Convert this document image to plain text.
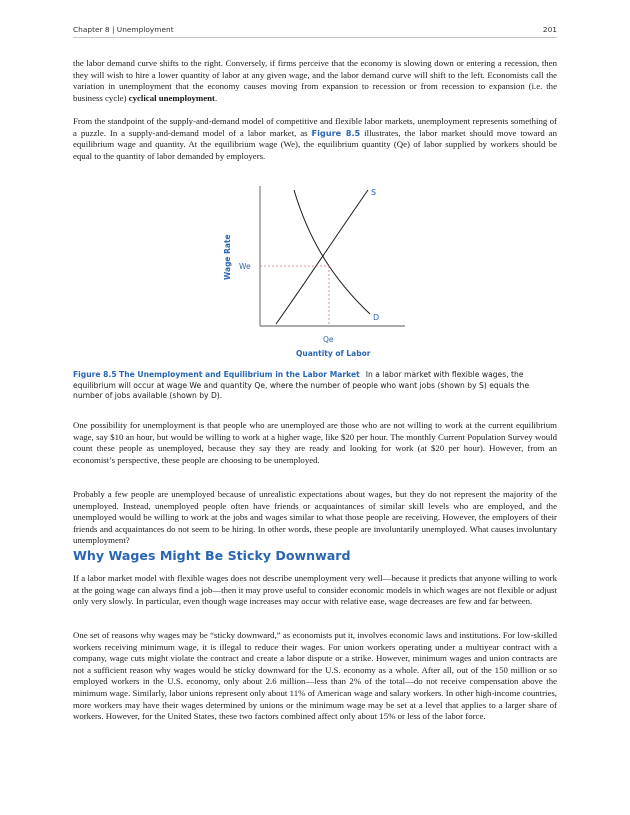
Chapter 8 | Unemployment	201

the labor demand curve shifts to the right. Conversely, if firms perceive that the economy is slowing down or entering a recession, then they will wish to hire a lower quantity of labor at any given wage, and the labor demand curve will shift to the left. Economists call the variation in unemployment that the economy causes moving from expansion to recession or from recession to expansion (i.e. the business cycle) cyclical unemployment.

From the standpoint of the supply-and-demand model of competitive and flexible labor markets, unemployment represents something of a puzzle. In a supply-and-demand model of a labor market, as Figure 8.5 illustrates, the labor market should move toward an equilibrium wage and quantity. At the equilibrium wage (We), the equilibrium quantity (Qe) of labor supplied by workers should be equal to the quantity of labor demanded by employers.

S
D
We
Qe
Wage Rate
Quantity of Labor

Figure 8.5 The Unemployment and Equilibrium in the Labor Market In a labor market with flexible wages, the equilibrium will occur at wage We and quantity Qe, where the number of people who want jobs (shown by S) equals the number of jobs available (shown by D).

One possibility for unemployment is that people who are unemployed are those who are not willing to work at the current equilibrium wage, say $10 an hour, but would be willing to work at a higher wage, like $20 per hour. The monthly Current Population Survey would count these people as unemployed, because they say they are ready and looking for work (at $20 per hour). However, from an economist’s perspective, these people are choosing to be unemployed.

Probably a few people are unemployed because of unrealistic expectations about wages, but they do not represent the majority of the unemployed. Instead, unemployed people often have friends or acquaintances of similar skill levels who are employed, and the unemployed would be willing to work at the jobs and wages similar to what those people are receiving. However, the employers of their friends and acquaintances do not seem to be hiring. In other words, these people are involuntarily unemployed. What causes involuntary unemployment?

Why Wages Might Be Sticky Downward

If a labor market model with flexible wages does not describe unemployment very well—because it predicts that anyone willing to work at the going wage can always find a job—then it may prove useful to consider economic models in which wages are not flexible or adjust only very slowly. In particular, even though wage increases may occur with relative ease, wage decreases are few and far between.

One set of reasons why wages may be “sticky downward,” as economists put it, involves economic laws and institutions. For low-skilled workers receiving minimum wage, it is illegal to reduce their wages. For union workers operating under a multiyear contract with a company, wage cuts might violate the contract and create a labor dispute or a strike. However, minimum wages and union contracts are not a sufficient reason why wages would be sticky downward for the U.S. economy as a whole. After all, out of the 150 million or so employed workers in the U.S. economy, only about 2.6 million—less than 2% of the total—do not receive compensation above the minimum wage. Similarly, labor unions represent only about 11% of American wage and salary workers. In other high-income countries, more workers may have their wages determined by unions or the minimum wage may be set at a level that applies to a larger share of workers. However, for the United States, these two factors combined affect only about 15% or less of the labor force.
